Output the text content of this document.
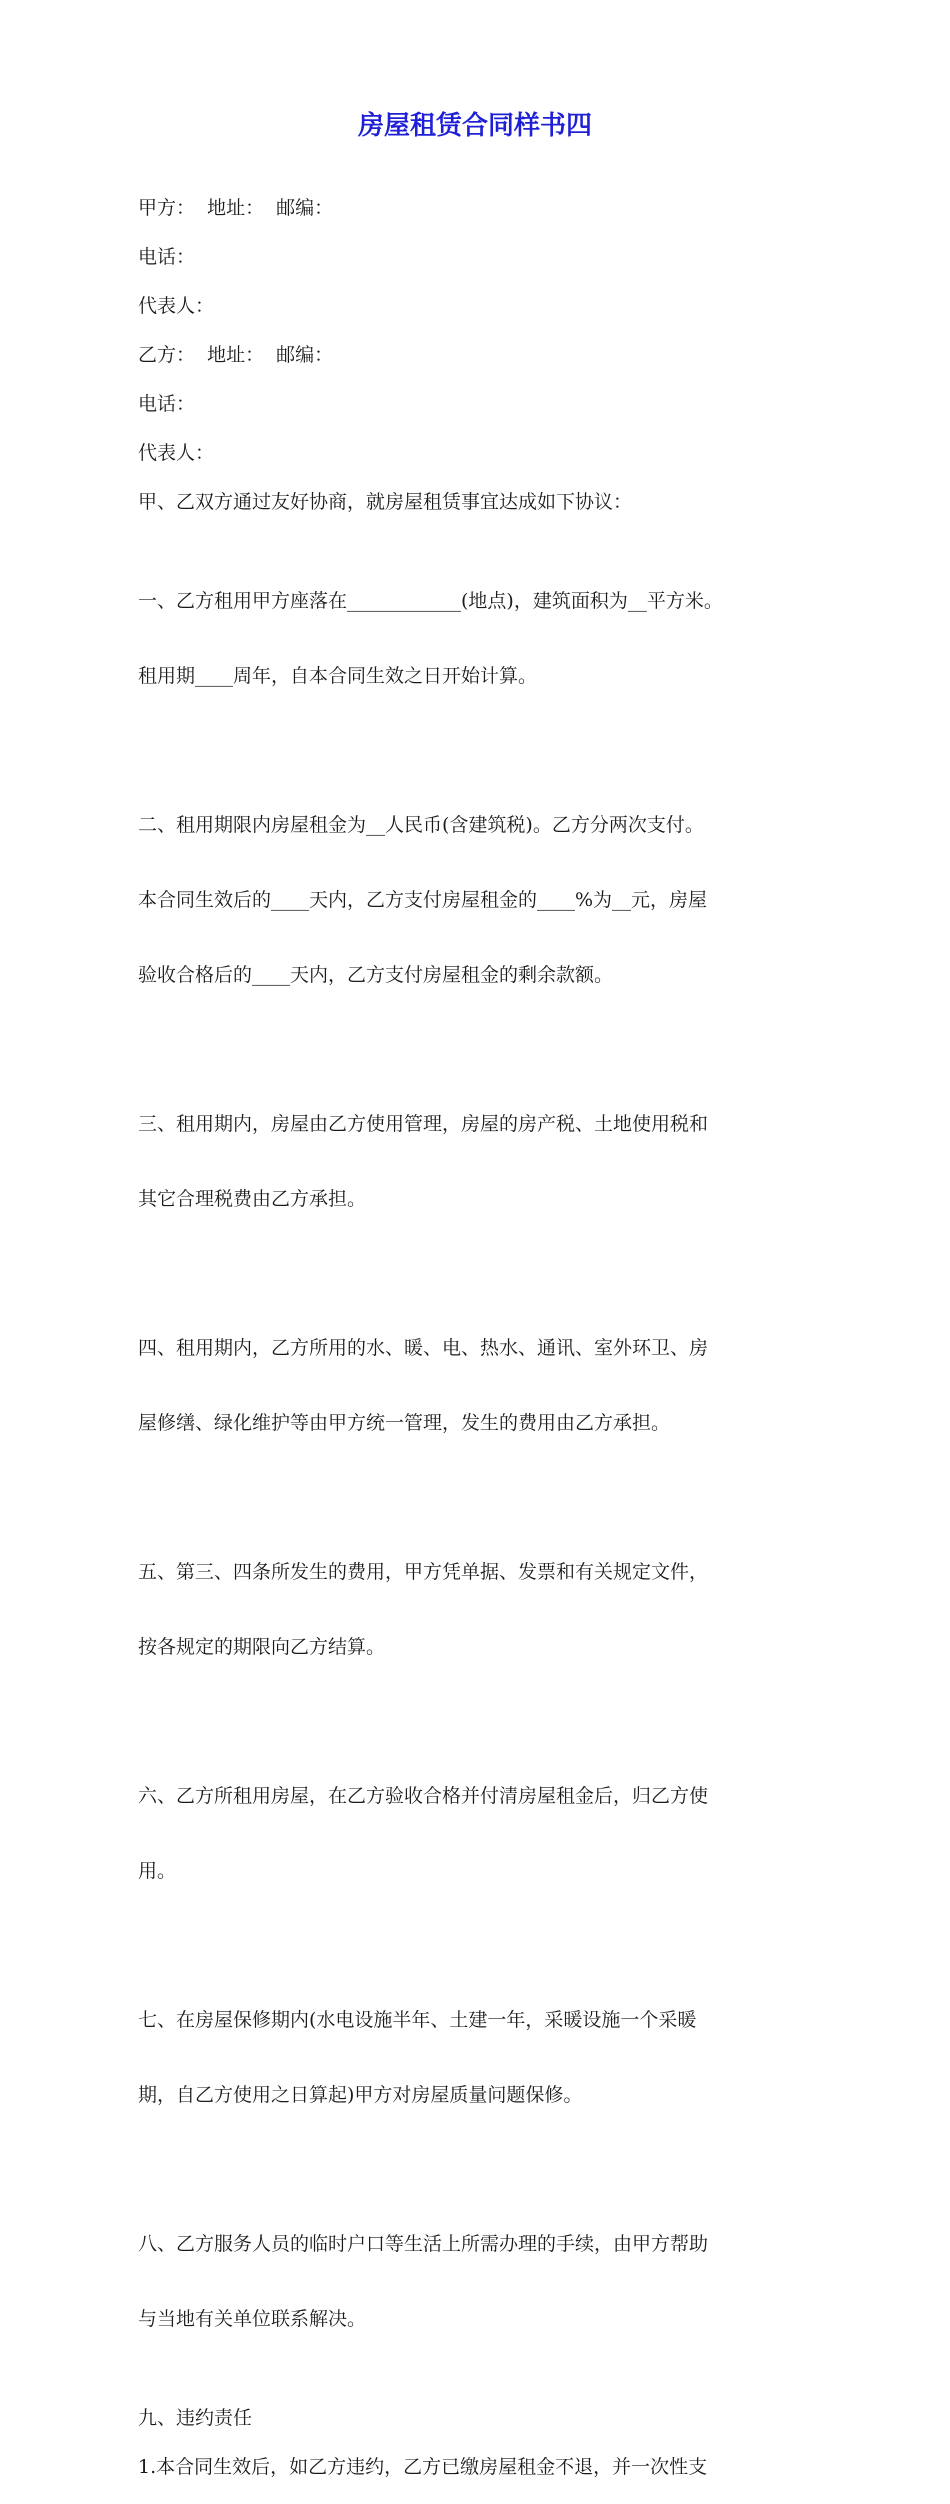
房屋租赁合同样书四

甲方：  地址：  邮编：

电话：

代表人：

乙方：  地址：  邮编：

电话：

代表人：

甲、乙双方通过友好协商，就房屋租赁事宜达成如下协议：

一、乙方租用甲方座落在____________(地点)，建筑面积为__平方米。

租用期____周年，自本合同生效之日开始计算。

二、租用期限内房屋租金为__人民币(含建筑税)。乙方分两次支付。

本合同生效后的____天内，乙方支付房屋租金的____%为__元，房屋

验收合格后的____天内，乙方支付房屋租金的剩余款额。

三、租用期内，房屋由乙方使用管理，房屋的房产税、土地使用税和

其它合理税费由乙方承担。

四、租用期内，乙方所用的水、暖、电、热水、通讯、室外环卫、房

屋修缮、绿化维护等由甲方统一管理，发生的费用由乙方承担。

五、第三、四条所发生的费用，甲方凭单据、发票和有关规定文件，

按各规定的期限向乙方结算。

六、乙方所租用房屋，在乙方验收合格并付清房屋租金后，归乙方使

用。

七、在房屋保修期内(水电设施半年、土建一年，采暖设施一个采暖

期，自乙方使用之日算起)甲方对房屋质量问题保修。

八、乙方服务人员的临时户口等生活上所需办理的手续，由甲方帮助

与当地有关单位联系解决。

九、违约责任

1.本合同生效后，如乙方违约，乙方已缴房屋租金不退，并一次性支
